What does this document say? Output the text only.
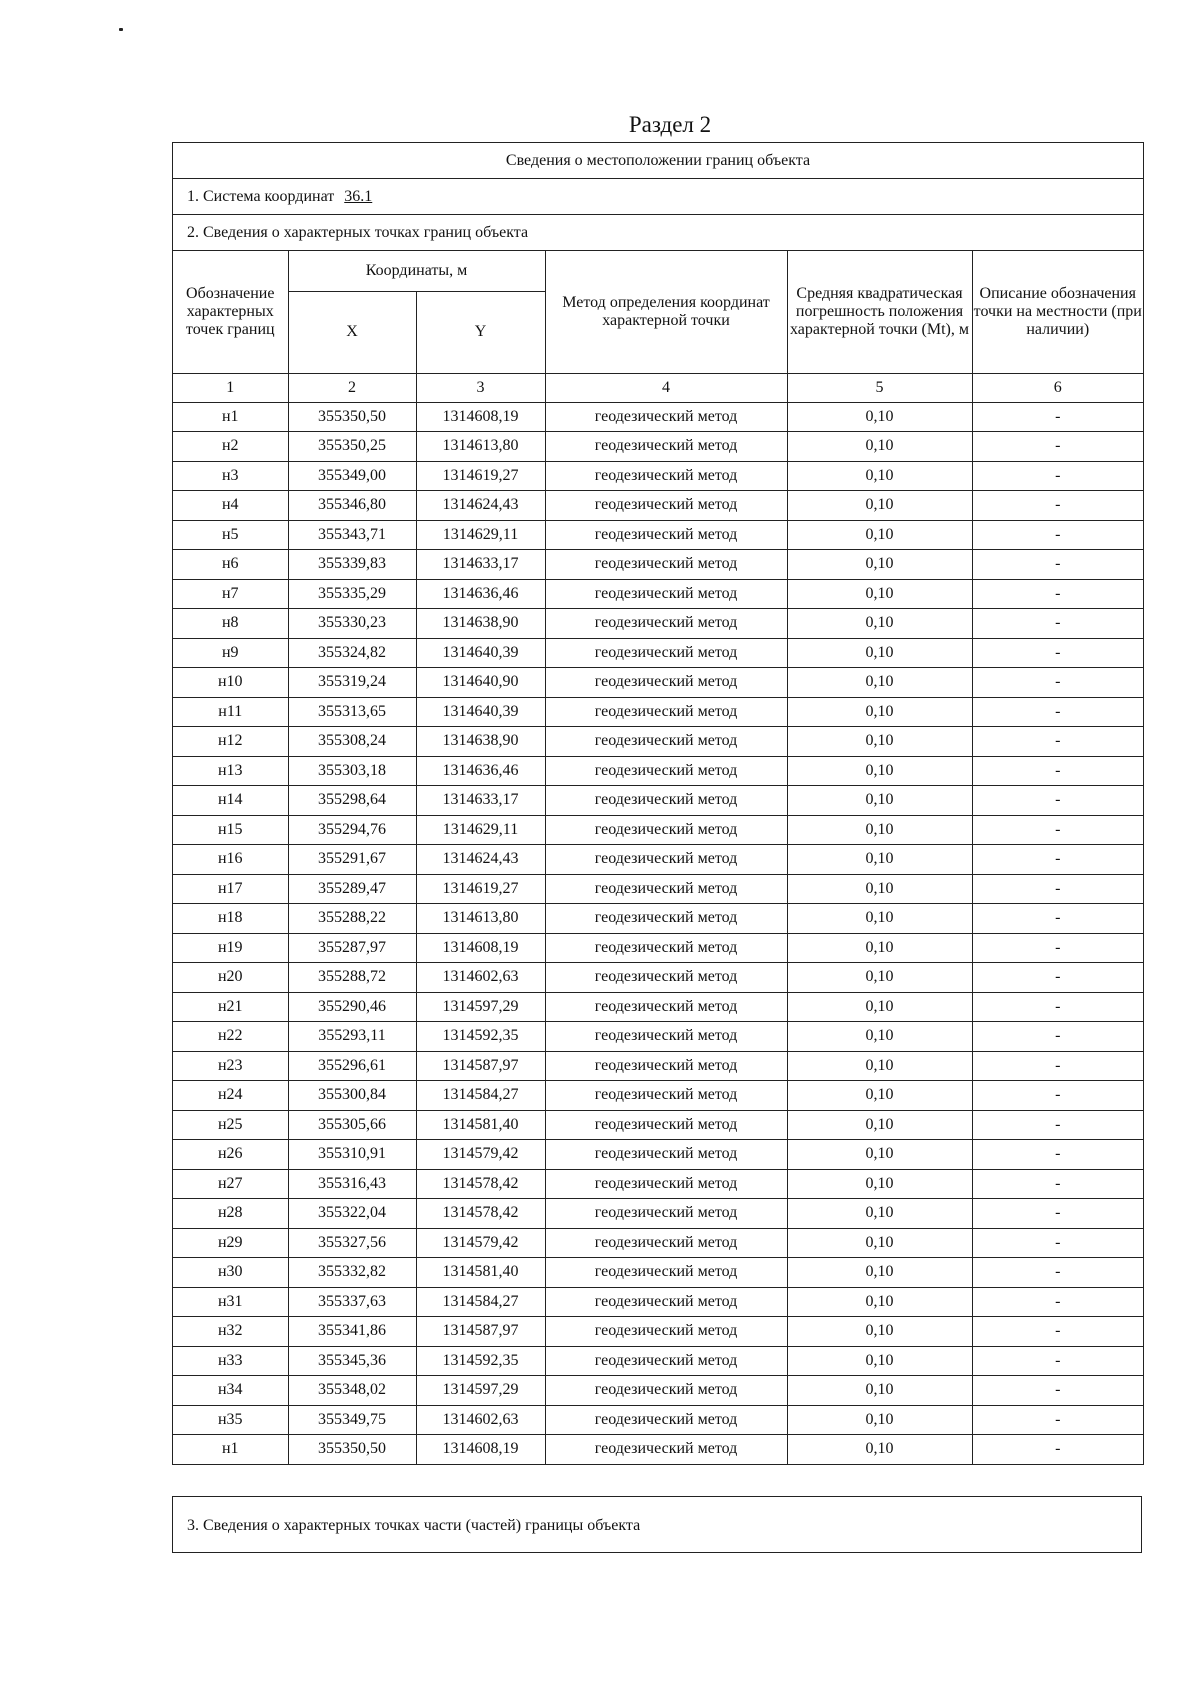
Раздел 2
Сведения о местоположении границ объекта
1. Система координат 36.1
2. Сведения о характерных точках границ объекта
Обозначение характерных точек границ	Координаты, м		Метод определения координат характерной точки	Средняя квадратическая погрешность положения характерной точки (Mt), м	Описание обозначения точки на местности (при наличии)
	X	Y			
1	2	3	4	5	6
н1	355350,50	1314608,19	геодезический метод	0,10	-
н2	355350,25	1314613,80	геодезический метод	0,10	-
н3	355349,00	1314619,27	геодезический метод	0,10	-
н4	355346,80	1314624,43	геодезический метод	0,10	-
н5	355343,71	1314629,11	геодезический метод	0,10	-
н6	355339,83	1314633,17	геодезический метод	0,10	-
н7	355335,29	1314636,46	геодезический метод	0,10	-
н8	355330,23	1314638,90	геодезический метод	0,10	-
н9	355324,82	1314640,39	геодезический метод	0,10	-
н10	355319,24	1314640,90	геодезический метод	0,10	-
н11	355313,65	1314640,39	геодезический метод	0,10	-
н12	355308,24	1314638,90	геодезический метод	0,10	-
н13	355303,18	1314636,46	геодезический метод	0,10	-
н14	355298,64	1314633,17	геодезический метод	0,10	-
н15	355294,76	1314629,11	геодезический метод	0,10	-
н16	355291,67	1314624,43	геодезический метод	0,10	-
н17	355289,47	1314619,27	геодезический метод	0,10	-
н18	355288,22	1314613,80	геодезический метод	0,10	-
н19	355287,97	1314608,19	геодезический метод	0,10	-
н20	355288,72	1314602,63	геодезический метод	0,10	-
н21	355290,46	1314597,29	геодезический метод	0,10	-
н22	355293,11	1314592,35	геодезический метод	0,10	-
н23	355296,61	1314587,97	геодезический метод	0,10	-
н24	355300,84	1314584,27	геодезический метод	0,10	-
н25	355305,66	1314581,40	геодезический метод	0,10	-
н26	355310,91	1314579,42	геодезический метод	0,10	-
н27	355316,43	1314578,42	геодезический метод	0,10	-
н28	355322,04	1314578,42	геодезический метод	0,10	-
н29	355327,56	1314579,42	геодезический метод	0,10	-
н30	355332,82	1314581,40	геодезический метод	0,10	-
н31	355337,63	1314584,27	геодезический метод	0,10	-
н32	355341,86	1314587,97	геодезический метод	0,10	-
н33	355345,36	1314592,35	геодезический метод	0,10	-
н34	355348,02	1314597,29	геодезический метод	0,10	-
н35	355349,75	1314602,63	геодезический метод	0,10	-
н1	355350,50	1314608,19	геодезический метод	0,10	-
3. Сведения о характерных точках части (частей) границы объекта
